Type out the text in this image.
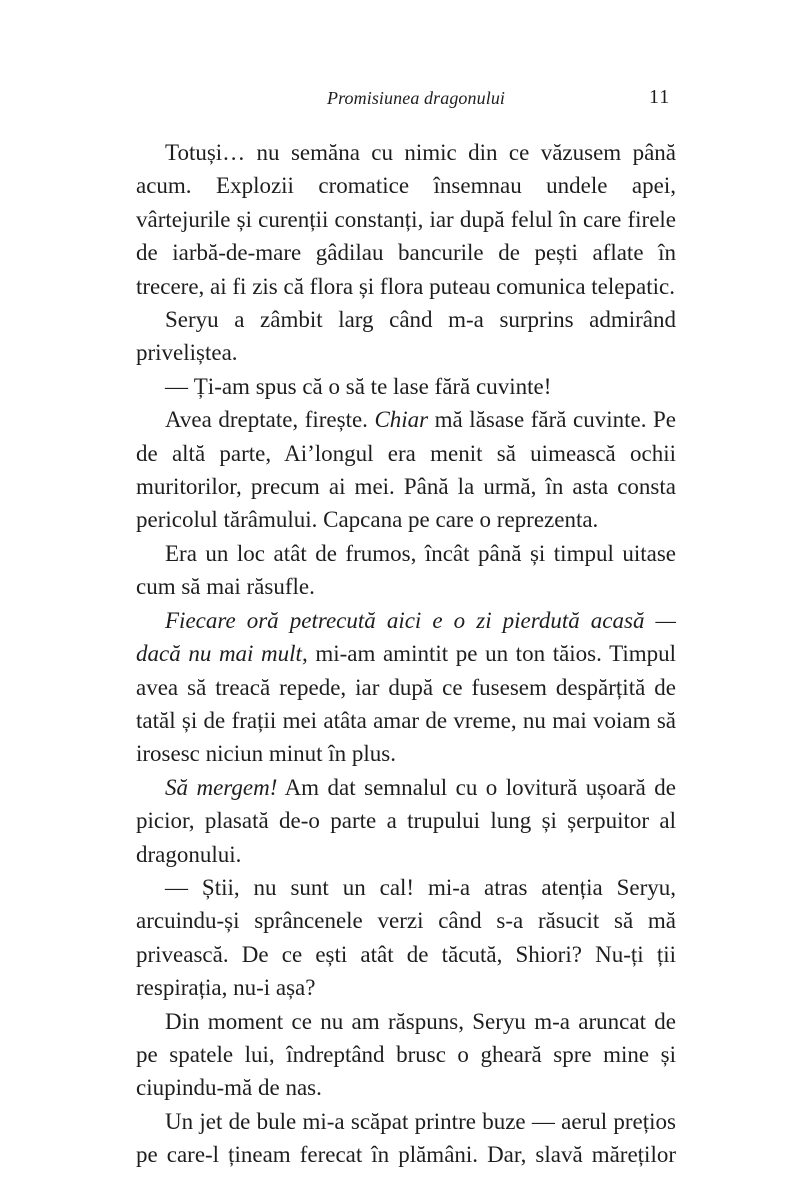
Promisiunea dragonului	11

Totuși… nu semăna cu nimic din ce văzusem până acum. Explozii cromatice însemnau undele apei, vârtejurile și curenții constanți, iar după felul în care firele de iarbă-de-mare gâdilau bancurile de pești aflate în trecere, ai fi zis că flora și flora puteau comunica telepatic.

Seryu a zâmbit larg când m-a surprins admirând priveliștea.

— Ți-am spus că o să te lase fără cuvinte!

Avea dreptate, firește. Chiar mă lăsase fără cuvinte. Pe de altă parte, Ai’longul era menit să uimească ochii muritorilor, precum ai mei. Până la urmă, în asta consta pericolul tărâmului. Capcana pe care o reprezenta.

Era un loc atât de frumos, încât până și timpul uitase cum să mai răsufle.

Fiecare oră petrecută aici e o zi pierdută acasă — dacă nu mai mult, mi-am amintit pe un ton tăios. Timpul avea să treacă repede, iar după ce fusesem despărțită de tatăl și de frații mei atâta amar de vreme, nu mai voiam să irosesc niciun minut în plus.

Să mergem! Am dat semnalul cu o lovitură ușoară de picior, plasată de-o parte a trupului lung și șerpuitor al dragonului.

— Știi, nu sunt un cal! mi-a atras atenția Seryu, arcuindu-și sprâncenele verzi când s-a răsucit să mă privească. De ce ești atât de tăcută, Shiori? Nu-ți ții respirația, nu-i așa?

Din moment ce nu am răspuns, Seryu m-a aruncat de pe spatele lui, îndreptând brusc o gheară spre mine și ciupindu-mă de nas.

Un jet de bule mi-a scăpat printre buze — aerul prețios pe care-l țineam ferecat în plămâni. Dar, slavă măreților
